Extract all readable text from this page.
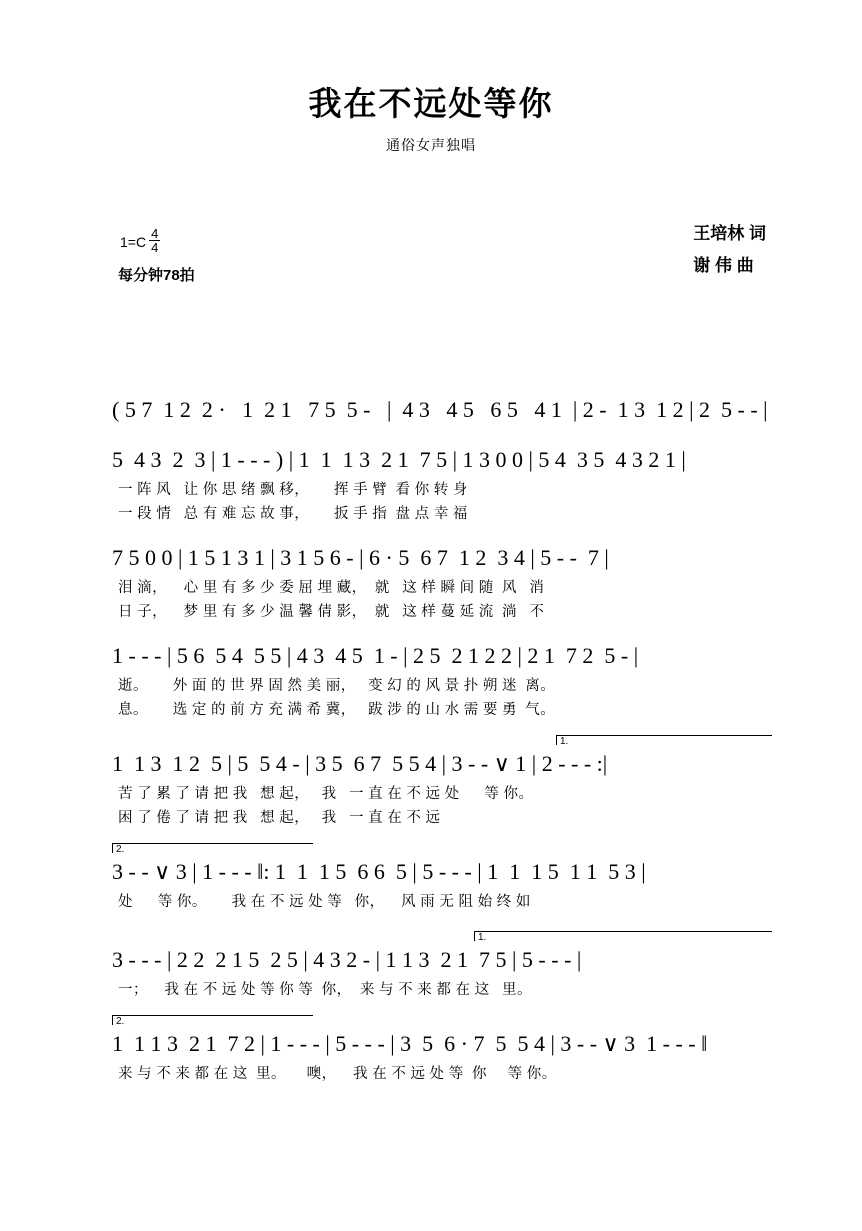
我在不远处等你
通俗女声独唱
王培林 词
谢 伟 曲
$1=C \frac{4}{4}$
每分钟78拍
( 5 7  1 2  2 ·   1  2 1   7 5  5 -   |  4 3   4 5   6 5   4 1  | 2 -  1 3  1 2 | 2  5 - - |
5  4 3  2  3 | 1 - - - ) | 1  1  1 3  2 1  7 5 | 1 3 0 0 | 5 4  3 5  4 3 2 1 |
一 阵 风   让 你 思 绪 飘 移，      挥 手 臂  看 你 转 身
一 段 情   总 有 难 忘 故 事，      扳 手 指  盘 点 幸 福
7 5 0 0 | 1 5 1 3 1 | 3 1 5 6 - | 6 · 5  6 7  1 2  3 4 | 5 - -  7 |
泪 滴，    心 里 有 多 少 委 屈 埋 藏，  就   这 样 瞬 间 随  风   消
日 子，    梦 里 有 多 少 温 馨 倩 影，  就   这 样 蔓 延 流  淌   不
1 - - - | 5 6  5 4  5 5 | 4 3  4 5  1 - | 2 5  2 1 2 2 | 2 1  7 2  5 - |
逝。      外 面 的 世 界 固 然 美 丽，   变 幻 的 风 景 扑 朔 迷  离。
息。      选 定 的 前 方 充 满 希 冀，   跋 涉 的 山 水 需 要 勇  气。
1.
1  1 3  1 2  5 | 5  5 4 - | 3 5  6 7  5 5 4 | 3 - - ∨ 1 | 2 - - - :|
苦 了 累 了 请 把 我   想 起，   我   一 直 在 不 远 处      等 你。
困 了 倦 了 请 把 我   想 起，   我   一 直 在 不 远
2.
3 - - ∨ 3 | 1 - - - ‖: 1  1  1 5  6 6  5 | 5 - - - | 1  1  1 5  1 1  5 3 |
处      等 你。      我 在 不 远 处 等   你，    风 雨 无 阻 始 终 如
1.
3 - - - | 2 2  2 1 5  2 5 | 4 3 2 - | 1 1 3  2 1  7 5 | 5 - - - |
一；    我 在 不 远 处 等 你 等  你，  来 与 不 来 都 在 这   里。
2.
1  1 1 3  2 1  7 2 | 1 - - - | 5 - - - | 3  5  6 · 7  5  5 4 | 3 - - ∨ 3  1 - - - ‖
来 与 不 来 都 在 这  里。     噢，    我 在 不 远 处 等  你     等 你。
